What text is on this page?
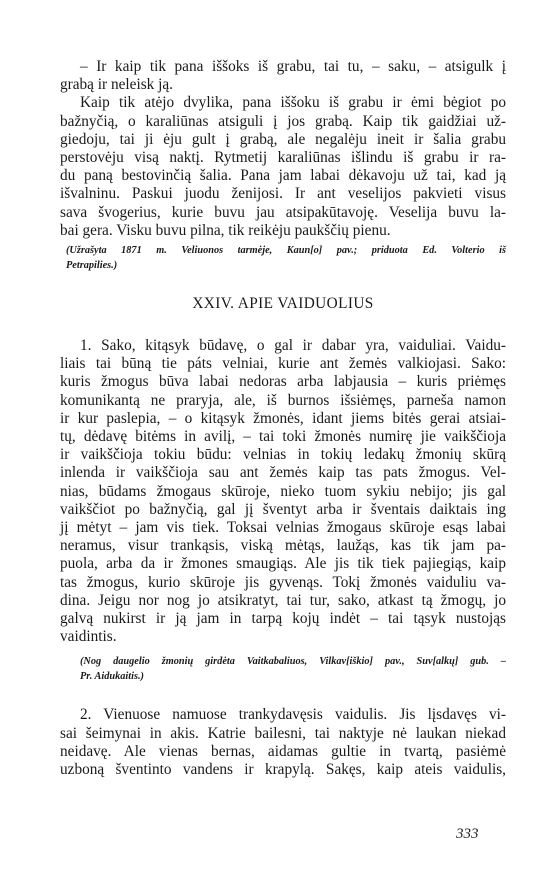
– Ir kaip tik pana iššoks iš grabu, tai tu, – saku, – atsigulk į
grabą ir neleisk ją.
Kaip tik atėjo dvylika, pana iššoku iš grabu ir ėmi bėgiot po
bažnyčią, o karaliūnas atsiguli į jos grabą. Kaip tik gaidžiai už-
giedoju, tai ji ėju gult į grabą, ale negalėju ineit ir šalia grabu
perstovėju visą naktį. Rytmetij karaliūnas išlindu iš grabu ir ra-
du paną bestovinčią šalia. Pana jam labai dėkavoju už tai, kad ją
išvalninu. Paskui juodu ženijosi. Ir ant veselijos pakvieti visus
sava švogerius, kurie buvu jau atsipakūtavoję. Veselija buvu la-
bai gera. Visku buvu pilna, tik reikėju paukščių pienu.
(Užrašyta 1871 m. Veliuonos tarmėje, Kaun[o] pav.; priduota Ed. Volterio iš
Petrapilies.)
XXIV. APIE VAIDUOLIUS
1. Sako, kitąsyk būdavę, o gal ir dabar yra, vaiduliai. Vaidu-
liais tai būną tie páts velniai, kurie ant žemės valkiojasi. Sako:
kuris žmogus būva labai nedoras arba labjausia – kuris priėmęs
komunikantą ne praryja, ale, iš burnos išsiėmęs, parneša namon
ir kur paslepia, – o kitąsyk žmonės, idant jiems bitės gerai atsiai-
tų, dėdavę bitėms in avilį, – tai toki žmonės numirę jie vaikščioja
ir vaikščioja tokiu būdu: velnias in tokių ledakų žmonių skūrą
inlenda ir vaikščioja sau ant žemės kaip tas pats žmogus. Vel-
nias, būdams žmogaus skūroje, nieko tuom sykiu nebijo; jis gal
vaikščiot po bažnyčią, gal jį šventyt arba ir šventais daiktais ing
jį mėtyt – jam vis tiek. Toksai velnias žmogaus skūroje esąs labai
neramus, visur trankąsis, viską mėtąs, laužąs, kas tik jam pa-
puola, arba da ir žmones smaugiąs. Ale jis tik tiek pajiegiąs, kaip
tas žmogus, kurio skūroje jis gyvenąs. Tokį žmonės vaiduliu va-
dina. Jeigu nor nog jo atsikratyt, tai tur, sako, atkast tą žmogų, jo
galvą nukirst ir ją jam in tarpą kojų indėt – tai tąsyk nustojąs
vaidintis.
(Nog daugelio žmonių girdėta Vaitkabaliuos, Vilkav[iškio] pav., Suv[alkų] gub. –
Pr. Aidukaitis.)
2. Vienuose namuose trankydavęsis vaidulis. Jis lįsdavęs vi-
sai šeimynai in akis. Katrie bailesni, tai naktyje nė laukan niekad
neidavę. Ale vienas bernas, aidamas gultie in tvartą, pasiėmė
uzboną šventinto vandens ir krapylą. Sakęs, kaip ateis vaidulis,
333
